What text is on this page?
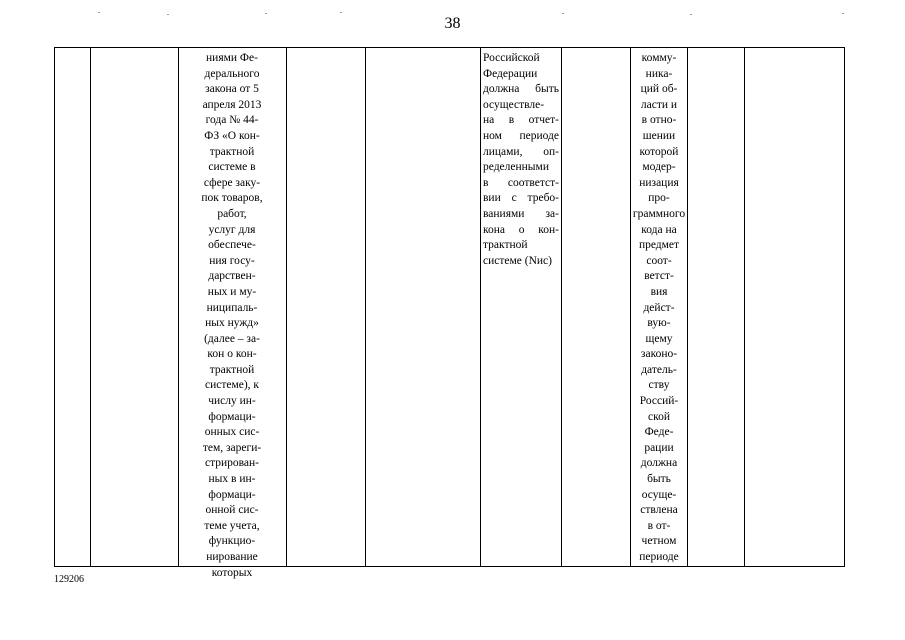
38
ниями Фе-
дерального
закона от 5
апреля 2013
года № 44-
ФЗ «О кон-
трактной
системе в
сфере заку-
пок товаров,
работ,
услуг для
обеспече-
ния госу-
дарствен-
ных и му-
ниципаль-
ных нужд»
(далее – за-
кон о кон-
трактной
системе), к
числу ин-
формаци-
онных сис-
тем, зареги-
стрирован-
ных в ин-
формаци-
онной сис-
теме учета,
функцио-
нирование
которых
Российской
Федерации
должна быть
осуществле-
на в отчет-
ном периоде
лицами, оп-
ределенными
в соответст-
вии с требо-
ваниями за-
кона о кон-
трактной
системе (Nис)
комму-
ника-
ций об-
ласти и
в отно-
шении
которой
модер-
низация
про-
граммного
кода на
предмет
соот-
ветст-
вия
дейст-
вую-
щему
законо-
датель-
ству
Россий-
ской
Феде-
рации
должна
быть
осуще-
ствлена
в от-
четном
периоде
129206
